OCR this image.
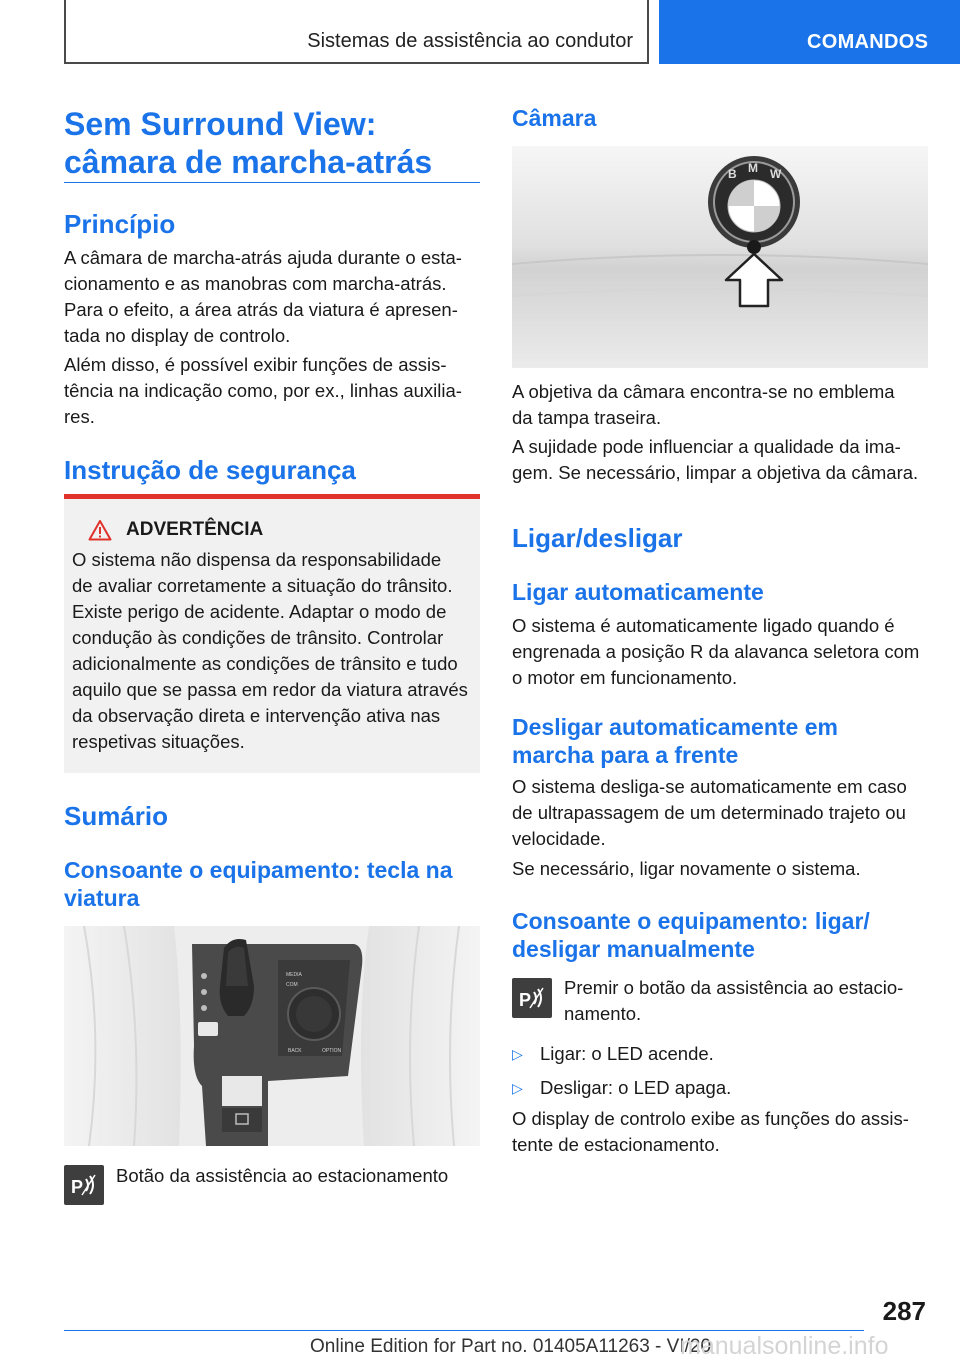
Sistemas de assistência ao condutor	COMANDOS
Sem Surround View:
câmara de marcha-atrás
Princípio
A câmara de marcha-atrás ajuda durante o esta‐
cionamento e as manobras com marcha-atrás.
Para o efeito, a área atrás da viatura é apresen‐
tada no display de controlo.
Além disso, é possível exibir funções de assis‐
tência na indicação como, por ex., linhas auxilia‐
res.
Instrução de segurança
ADVERTÊNCIA
O sistema não dispensa da responsabilidade
de avaliar corretamente a situação do trânsito.
Existe perigo de acidente. Adaptar o modo de
condução às condições de trânsito. Controlar
adicionalmente as condições de trânsito e tudo
aquilo que se passa em redor da viatura através
da observação direta e intervenção ativa nas
respetivas situações.
Sumário
Consoante o equipamento: tecla na
viatura
MEDIA
COM
BACK	OPTION
P
Botão da assistência ao estacionamento
Câmara
B M W
A objetiva da câmara encontra-se no emblema
da tampa traseira.
A sujidade pode influenciar a qualidade da ima‐
gem. Se necessário, limpar a objetiva da câmara.
Ligar/desligar
Ligar automaticamente
O sistema é automaticamente ligado quando é
engrenada a posição R da alavanca seletora com
o motor em funcionamento.
Desligar automaticamente em
marcha para a frente
O sistema desliga-se automaticamente em caso
de ultrapassagem de um determinado trajeto ou
velocidade.
Se necessário, ligar novamente o sistema.
Consoante o equipamento: ligar/
desligar manualmente
P
Premir o botão da assistência ao estacio‐
namento.
▷ Ligar: o LED acende.
▷ Desligar: o LED apaga.
O display de controlo exibe as funções do assis‐
tente de estacionamento.
287
Online Edition for Part no. 01405A11263 - VI/20
manualsonline.info
